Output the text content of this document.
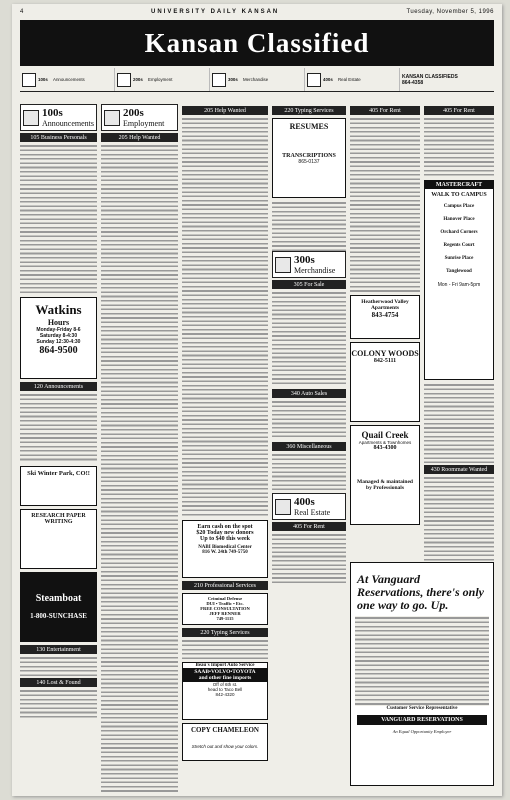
4	UNIVERSITY DAILY KANSAN	Tuesday, November 5, 1996
Kansan Classified
100s
Announcements	200s
Employment	300s
Merchandise	400s
Real Estate	KANSAN CLASSIFIEDS
864-4358
100s
Announcements
105 Business Personals
Watkins
Hours
Monday-Friday 8-6
Saturday 8-4:30
Sunday 12:30-4:30
864-9500
120 Announcements
Ski Winter Park, CO!!
RESEARCH PAPER WRITING
Steamboat
1-800-SUNCHASE
130 Entertainment
140 Lost & Found
200s
Employment
205 Help Wanted
205 Help Wanted
Earn cash on the spot
$20 Today new donors
Up to $40 this week
NABI Biomedical Center
816 W. 24th 749-5750
210 Professional Services
Criminal Defense
DUI • Traffic • Etc.
FREE CONSULTATION
JEFF RENNER
749-1115
220 Typing Services
Beau's Import Auto Service
SAAB•VOLVO•TOYOTA
and other fine imports
Off of 6th st.
head to Taco Bell
842-4320
COPY CHAMELEON
Stretch out and show your colors.
220 Typing Services
RESUMES
TRANSCRIPTIONS
865-0137
300s
Merchandise
305 For Sale
340 Auto Sales
360 Miscellaneous
400s
Real Estate
405 For Rent
405 For Rent
Heatherwood Valley
Apartments
843-4754
COLONY WOODS
842-5111
Quail Creek
Apartments & Townhomes
843-4300
Managed & maintained
by Professionals
405 For Rent
MASTERCRAFT
WALK TO CAMPUS
Campus Place
Hanover Place
Orchard Corners
Regents Court
Sunrise Place
Tanglewood
Mon - Fri 9am-5pm
430 Roommate Wanted
At Vanguard Reservations, there's only one way to go. Up.
Customer Service Representative
VANGUARD RESERVATIONS
An Equal Opportunity Employer
